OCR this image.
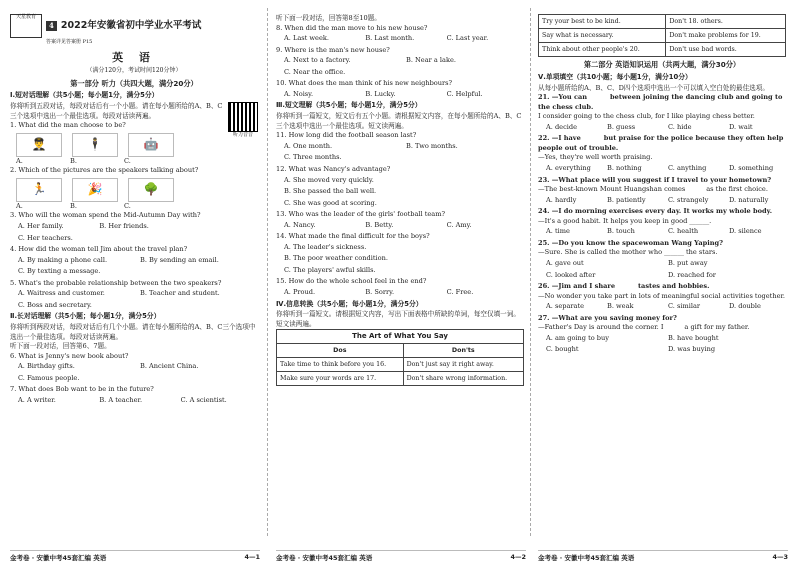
天星教育
4 2022年安徽省初中学业水平考试
答案详见答案册 P15
英 语
（满分120分，考试时间120分钟）
第一部分 听力（共四大题，满分20分）
Ⅰ.短对话理解（共5小题；每小题1分，满分5分）
听力音音

你将听到五段对话，每段对话后有一个小题。请在每小题所给的A、B、C三个选项中选出一个最佳选项。每段对话读两遍。

1. What did the man choose to be?

👨‍✈️	🕴	🤖
A.	B.	C.

2. Which of the pictures are the speakers talking about?

🏃	🎉	🌳
A.	B.	C.

3. Who will the woman spend the Mid-Autumn Day with?

A. Her family.	B. Her friends.
C. Her teachers.

4. How did the woman tell Jim about the travel plan?

A. By making a phone call.	B. By sending an email.
C. By texting a message.

5. What's the probable relationship between the two speakers?

A. Waitress and customer.	B. Teacher and student.
C. Boss and secretary.
Ⅱ.长对话理解（共5小题；每小题1分，满分5分）

你将听到两段对话，每段对话后有几个小题。请在每小题所给的A、B、C三个选项中选出一个最佳选项。每段对话读两遍。

听下面一段对话，回答第6、7题。

6. What is Jenny's new book about?

A. Birthday gifts.	B. Ancient China.
C. Famous people.

7. What does Bob want to be in the future?

A. A writer.	B. A teacher.	C. A scientist.

听下面一段对话，回答第8至10题。

8. When did the man move to his new house?

A. Last week.	B. Last month.	C. Last year.

9. Where is the man's new house?

A. Next to a factory.	B. Near a lake.
C. Near the office.

10. What does the man think of his new neighbours?

A. Noisy.	B. Lucky.	C. Helpful.
Ⅲ.短文理解（共5小题；每小题1分，满分5分）

你将听到一篇短文，短文后有五个小题。请根据短文内容，在每小题所给的A、B、C三个选项中选出一个最佳选项。短文读两遍。

11. How long did the football season last?

A. One month.	B. Two months.
C. Three months.

12. What was Nancy's advantage?

A. She moved very quickly.
B. She passed the ball well.
C. She was good at scoring.

13. Who was the leader of the girls' football team?

A. Nancy.	B. Betty.	C. Amy.

14. What made the final difficult for the boys?

A. The leader's sickness.
B. The poor weather condition.
C. The players' awful skills.

15. How do the whole school feel in the end?

A. Proud.	B. Sorry.	C. Free.
Ⅳ.信息转换（共5小题；每小题1分，满分5分）

你将听到一篇短文。请根据短文内容，写出下面表格中所缺的单词，每空仅填一词。短文读两遍。

The Art of What You Say
Dos	Don'ts
Take time to think before you 16.	Don't just say it right away.
Make sure your words are 17.	Don't share wrong information.
Try your best to be kind.	Don't 18. others.
Say what is necessary.	Don't make problems for 19.
Think about other people's 20.	Don't use bad words.
第二部分 英语知识运用（共两大题，满分30分）
Ⅴ.单项填空（共10小题；每小题1分，满分10分）

从每小题所给的A、B、C、D四个选项中选出一个可以填入空白处的最佳选项。

21. —You can          between joining the dancing club and going to the chess club.

I consider going to the chess club, for I like playing chess better.

A. decide	B. guess	C. hide	D. wait

22. —I have          but praise for the police because they often help people out of trouble.

—Yes, they're well worth praising.

A. everything	B. nothing	C. anything	D. something

23. —What place will you suggest if I travel to your hometown?

—The best-known Mount Huangshan comes          as the first choice.

A. hardly	B. patiently	C. strangely	D. naturally

24. —I do morning exercises every day. It works my whole body.

—It's a good habit. It helps you keep in good ______.

A. time	B. touch	C. health	D. silence

25. —Do you know the spacewoman Wang Yaping?

—Sure. She is called the mother who ______ the stars.

A. gave out	B. put away
C. looked after	D. reached for

26. —Jim and I share          tastes and hobbies.

—No wonder you take part in lots of meaningful social activities together.

A. separate	B. weak	C. similar	D. double

27. —What are you saving money for?

—Father's Day is around the corner. I          a gift for my father.

A. am going to buy	B. have bought
C. bought	D. was buying
金考卷 · 安徽中考45套汇编 英语	4—1 金考卷 · 安徽中考45套汇编 英语	4—2 金考卷 · 安徽中考45套汇编 英语	4—3
